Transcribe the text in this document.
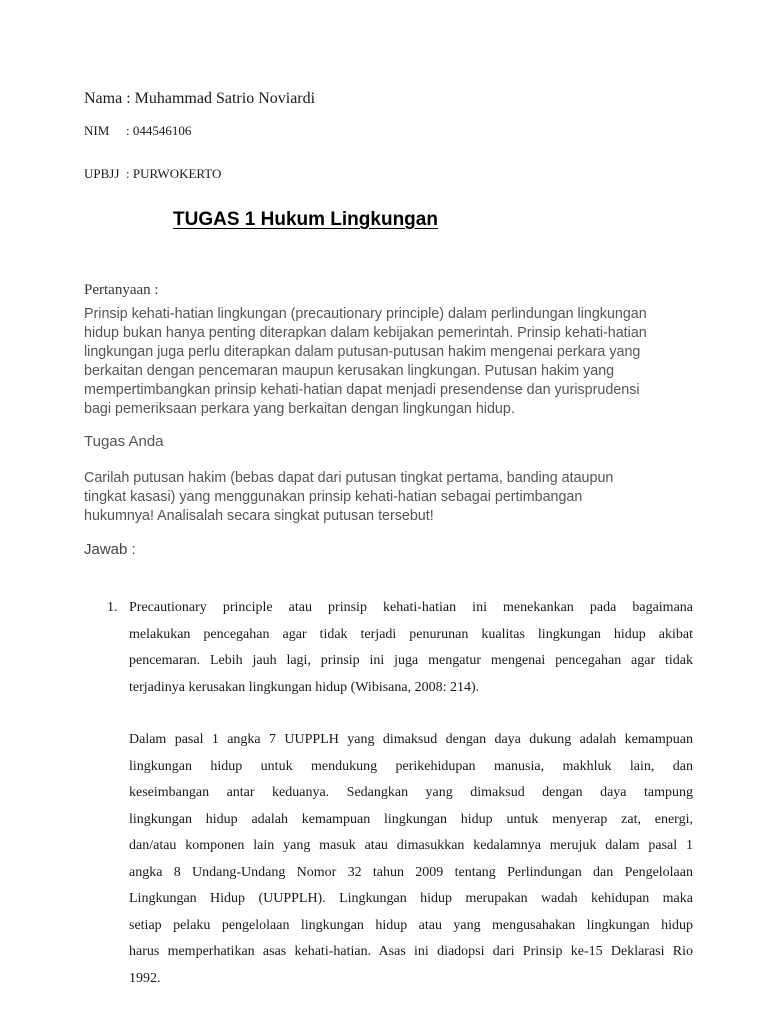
Nama : Muhammad Satrio Noviardi
NIM : 044546106
UPBJJ : PURWOKERTO
TUGAS 1 Hukum Lingkungan
Pertanyaan :
Prinsip kehati-hatian lingkungan (precautionary principle) dalam perlindungan lingkungan
hidup bukan hanya penting diterapkan dalam kebijakan pemerintah. Prinsip kehati-hatian
lingkungan juga perlu diterapkan dalam putusan-putusan hakim mengenai perkara yang
berkaitan dengan pencemaran maupun kerusakan lingkungan. Putusan hakim yang
mempertimbangkan prinsip kehati-hatian dapat menjadi presendense dan yurisprudensi
bagi pemeriksaan perkara yang berkaitan dengan lingkungan hidup.
Tugas Anda
Carilah putusan hakim (bebas dapat dari putusan tingkat pertama, banding ataupun
tingkat kasasi) yang menggunakan prinsip kehati-hatian sebagai pertimbangan
hukumnya! Analisalah secara singkat putusan tersebut!
Jawab :
1. Precautionary principle atau prinsip kehati-hatian ini menekankan pada bagaimana
melakukan pencegahan agar tidak terjadi penurunan kualitas lingkungan hidup akibat
pencemaran. Lebih jauh lagi, prinsip ini juga mengatur mengenai pencegahan agar tidak
terjadinya kerusakan lingkungan hidup (Wibisana, 2008: 214).
Dalam pasal 1 angka 7 UUPPLH yang dimaksud dengan daya dukung adalah kemampuan
lingkungan hidup untuk mendukung perikehidupan manusia, makhluk lain, dan
keseimbangan antar keduanya. Sedangkan yang dimaksud dengan daya tampung
lingkungan hidup adalah kemampuan lingkungan hidup untuk menyerap zat, energi,
dan/atau komponen lain yang masuk atau dimasukkan kedalamnya merujuk dalam pasal 1
angka 8 Undang-Undang Nomor 32 tahun 2009 tentang Perlindungan dan Pengelolaan
Lingkungan Hidup (UUPPLH). Lingkungan hidup merupakan wadah kehidupan maka
setiap pelaku pengelolaan lingkungan hidup atau yang mengusahakan lingkungan hidup
harus memperhatikan asas kehati-hatian. Asas ini diadopsi dari Prinsip ke-15 Deklarasi Rio
1992.
